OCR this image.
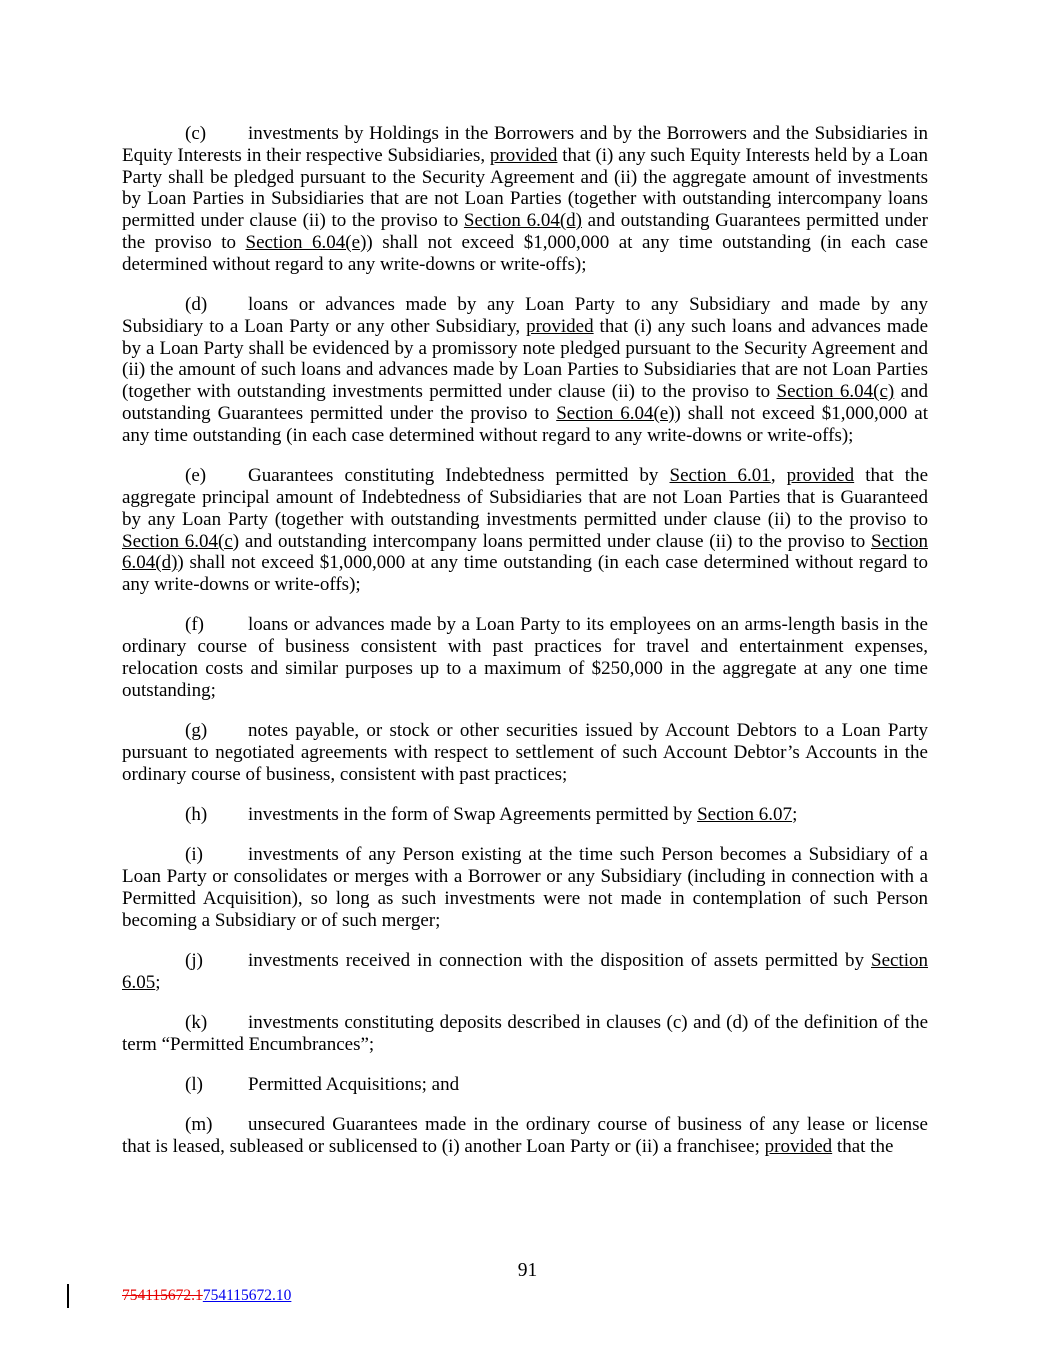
(c) investments by Holdings in the Borrowers and by the Borrowers and the Subsidiaries in Equity Interests in their respective Subsidiaries, provided that (i) any such Equity Interests held by a Loan Party shall be pledged pursuant to the Security Agreement and (ii) the aggregate amount of investments by Loan Parties in Subsidiaries that are not Loan Parties (together with outstanding intercompany loans permitted under clause (ii) to the proviso to Section 6.04(d) and outstanding Guarantees permitted under the proviso to Section 6.04(e)) shall not exceed $1,000,000 at any time outstanding (in each case determined without regard to any write-downs or write-offs);

(d) loans or advances made by any Loan Party to any Subsidiary and made by any Subsidiary to a Loan Party or any other Subsidiary, provided that (i) any such loans and advances made by a Loan Party shall be evidenced by a promissory note pledged pursuant to the Security Agreement and (ii) the amount of such loans and advances made by Loan Parties to Subsidiaries that are not Loan Parties (together with outstanding investments permitted under clause (ii) to the proviso to Section 6.04(c) and outstanding Guarantees permitted under the proviso to Section 6.04(e)) shall not exceed $1,000,000 at any time outstanding (in each case determined without regard to any write-downs or write-offs);

(e) Guarantees constituting Indebtedness permitted by Section 6.01, provided that the aggregate principal amount of Indebtedness of Subsidiaries that are not Loan Parties that is Guaranteed by any Loan Party (together with outstanding investments permitted under clause (ii) to the proviso to Section 6.04(c) and outstanding intercompany loans permitted under clause (ii) to the proviso to Section 6.04(d)) shall not exceed $1,000,000 at any time outstanding (in each case determined without regard to any write-downs or write-offs);

(f) loans or advances made by a Loan Party to its employees on an arms-length basis in the ordinary course of business consistent with past practices for travel and entertainment expenses, relocation costs and similar purposes up to a maximum of $250,000 in the aggregate at any one time outstanding;

(g) notes payable, or stock or other securities issued by Account Debtors to a Loan Party pursuant to negotiated agreements with respect to settlement of such Account Debtor’s Accounts in the ordinary course of business, consistent with past practices;

(h) investments in the form of Swap Agreements permitted by Section 6.07;

(i) investments of any Person existing at the time such Person becomes a Subsidiary of a Loan Party or consolidates or merges with a Borrower or any Subsidiary (including in connection with a Permitted Acquisition), so long as such investments were not made in contemplation of such Person becoming a Subsidiary or of such merger;

(j) investments received in connection with the disposition of assets permitted by Section 6.05;

(k) investments constituting deposits described in clauses (c) and (d) of the definition of the term “Permitted Encumbrances”;

(l) Permitted Acquisitions; and

(m) unsecured Guarantees made in the ordinary course of business of any lease or license that is leased, subleased or sublicensed to (i) another Loan Party or (ii) a franchisee; provided that the

91
754115672.1754115672.10
